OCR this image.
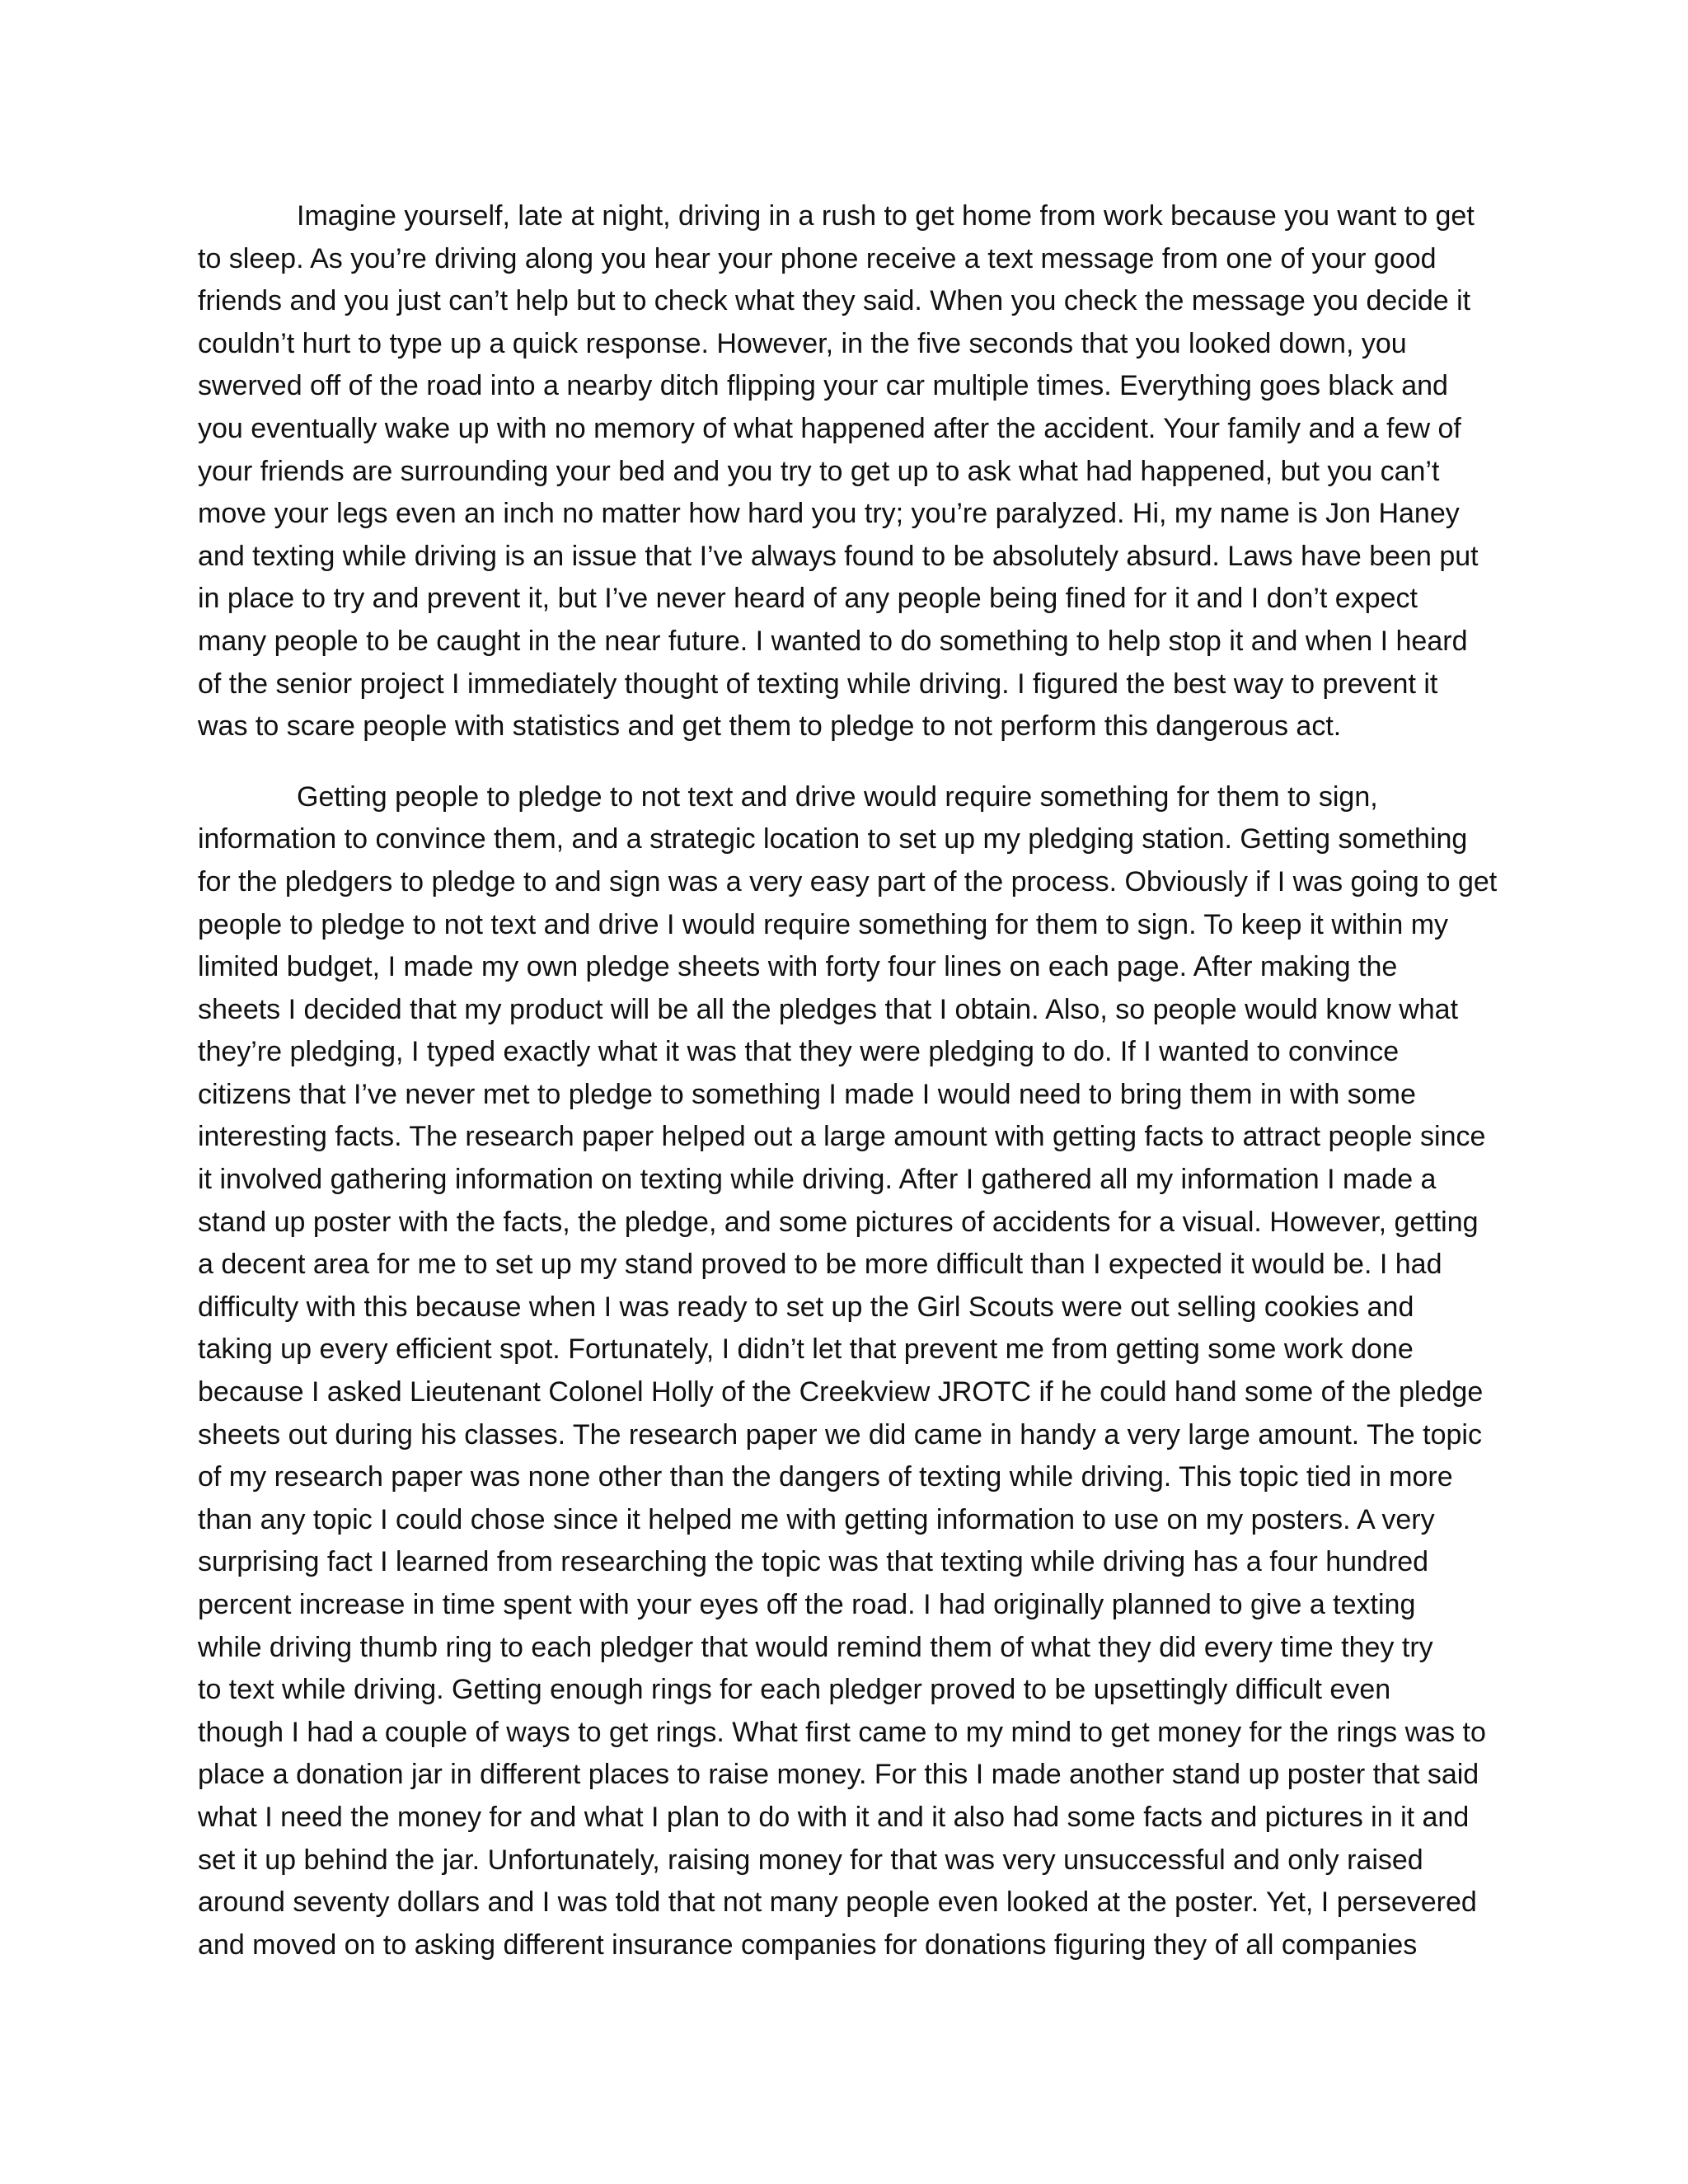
Imagine yourself, late at night, driving in a rush to get home from work because you want to get
to sleep. As you’re driving along you hear your phone receive a text message from one of your good
friends and you just can’t help but to check what they said. When you check the message you decide it
couldn’t hurt to type up a quick response. However, in the five seconds that you looked down, you
swerved off of the road into a nearby ditch flipping your car multiple times. Everything goes black and
you eventually wake up with no memory of what happened after the accident. Your family and a few of
your friends are surrounding your bed and you try to get up to ask what had happened, but you can’t
move your legs even an inch no matter how hard you try; you’re paralyzed. Hi, my name is Jon Haney
and texting while driving is an issue that I’ve always found to be absolutely absurd. Laws have been put
in place to try and prevent it, but I’ve never heard of any people being fined for it and I don’t expect
many people to be caught in the near future. I wanted to do something to help stop it and when I heard
of the senior project I immediately thought of texting while driving. I figured the best way to prevent it
was to scare people with statistics and get them to pledge to not perform this dangerous act.

Getting people to pledge to not text and drive would require something for them to sign,
information to convince them, and a strategic location to set up my pledging station. Getting something
for the pledgers to pledge to and sign was a very easy part of the process. Obviously if I was going to get
people to pledge to not text and drive I would require something for them to sign. To keep it within my
limited budget, I made my own pledge sheets with forty four lines on each page. After making the
sheets I decided that my product will be all the pledges that I obtain. Also, so people would know what
they’re pledging, I typed exactly what it was that they were pledging to do. If I wanted to convince
citizens that I’ve never met to pledge to something I made I would need to bring them in with some
interesting facts. The research paper helped out a large amount with getting facts to attract people since
it involved gathering information on texting while driving. After I gathered all my information I made a
stand up poster with the facts, the pledge, and some pictures of accidents for a visual. However, getting
a decent area for me to set up my stand proved to be more difficult than I expected it would be. I had
difficulty with this because when I was ready to set up the Girl Scouts were out selling cookies and
taking up every efficient spot. Fortunately, I didn’t let that prevent me from getting some work done
because I asked Lieutenant Colonel Holly of the Creekview JROTC if he could hand some of the pledge
sheets out during his classes. The research paper we did came in handy a very large amount. The topic
of my research paper was none other than the dangers of texting while driving. This topic tied in more
than any topic I could chose since it helped me with getting information to use on my posters. A very
surprising fact I learned from researching the topic was that texting while driving has a four hundred
percent increase in time spent with your eyes off the road. I had originally planned to give a texting
while driving thumb ring to each pledger that would remind them of what they did every time they try
to text while driving. Getting enough rings for each pledger proved to be upsettingly difficult even
though I had a couple of ways to get rings. What first came to my mind to get money for the rings was to
place a donation jar in different places to raise money. For this I made another stand up poster that said
what I need the money for and what I plan to do with it and it also had some facts and pictures in it and
set it up behind the jar. Unfortunately, raising money for that was very unsuccessful and only raised
around seventy dollars and I was told that not many people even looked at the poster. Yet, I persevered
and moved on to asking different insurance companies for donations figuring they of all companies
